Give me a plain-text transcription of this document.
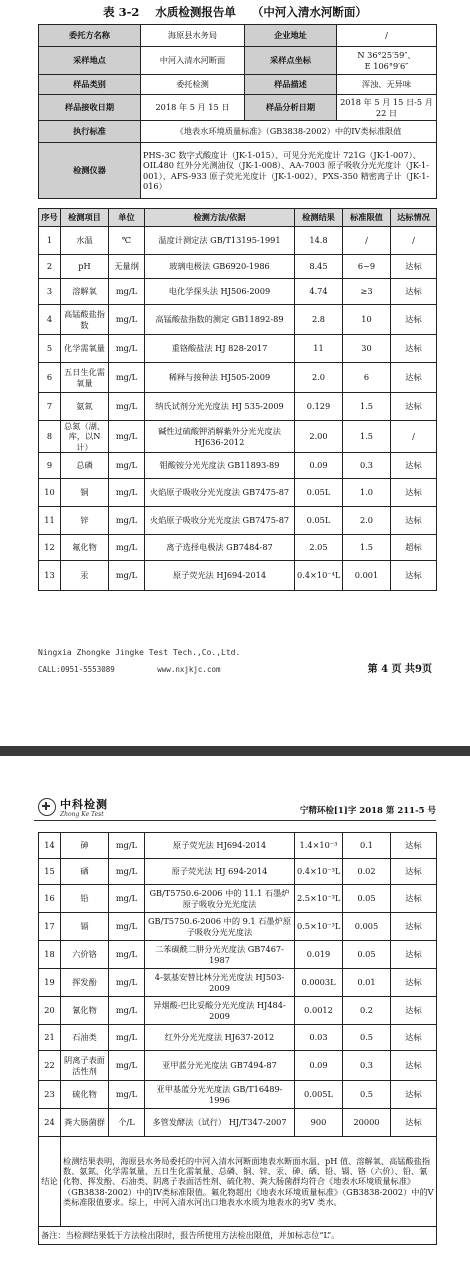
表 3-2 水质检测报告单 （中河入清水河断面）
委托方名称	海原县水务局	企业地址	/
采样地点	中河入清水河断面	采样点坐标	N 36°25′59″、
E 106°9′6″

样品类别	委托检测	样品描述	浑浊、无异味
样品接收日期	2018 年 5 月 15 日	样品分析日期	2018 年 5 月 15 日-5 月 22 日
执行标准	《地表水环境质量标准》（GB3838-2002）中的IV类标准限值		
检测仪器	PHS-3C 数字式酸度计（JK-1-015）、可见分光光度计 721G（JK-1-007）、OIL480 红外分光测油仪（JK-1-008）、AA-7003 原子吸收分光光度计（JK-1-001）、AFS-933 原子荧光光度计（JK-1-002）、PXS-350 精密离子计（JK-1-016）		
序号	检测项目	单位	检测方法/依据	检测结果	标准限值	达标情况
1	水温	℃	温度计测定法 GB/T13195-1991	14.8	/	/
2	pH	无量纲	玻璃电极法 GB6920-1986	8.45	6~9	达标
3	溶解氧	mg/L	电化学探头法 HJ506-2009	4.74	≥3	达标
4	高锰酸盐指数	mg/L	高锰酸盐指数的测定 GB11892-89	2.8	10	达标
5	化学需氧量	mg/L	重铬酸盐法 HJ 828-2017	11	30	达标
6	五日生化需氧量	mg/L	稀释与接种法 HJ505-2009	2.0	6	达标
7	氨氮	mg/L	纳氏试剂分光光度法 HJ 535-2009	0.129	1.5	达标
8	总氮（湖、库，以N计）	mg/L	碱性过硫酸钾消解紫外分光光度法 HJ636-2012	2.00	1.5	/
9	总磷	mg/L	钼酸铵分光光度法 GB11893-89	0.09	0.3	达标
10	铜	mg/L	火焰原子吸收分光光度法 GB7475-87	0.05L	1.0	达标
11	锌	mg/L	火焰原子吸收分光光度法 GB7475-87	0.05L	2.0	达标
12	氟化物	mg/L	离子选择电极法 GB7484-87	2.05	1.5	超标
13	汞	mg/L	原子荧光法 HJ694-2014	0.4×10⁻⁴L	0.001	达标
Ningxia Zhongke Jingke Test Tech.,Co.,Ltd.
CALL:0951-5553089	www.nxjkjc.com	第 4 页 共9页
中科检测
Zhong Ke Test	宁精环检[1]字 2018 第 211-5 号
14	砷	mg/L	原子荧光法 HJ694-2014	1.4×10⁻³	0.1	达标
15	硒	mg/L	原子荧光法 HJ 694-2014	0.4×10⁻³L	0.02	达标
16	铅	mg/L	GB/T5750.6-2006 中的 11.1 石墨炉原子吸收分光光度法	2.5×10⁻³L	0.05	达标
17	镉	mg/L	GB/T5750.6-2006 中的 9.1 石墨炉原子吸收分光光度法	0.5×10⁻³L	0.005	达标
18	六价铬	mg/L	二苯碳酰二肼分光光度法 GB7467-1987	0.019	0.05	达标
19	挥发酚	mg/L	4-氨基安替比林分光光度法 HJ503-2009	0.0003L	0.01	达标
20	氰化物	mg/L	异烟酸-巴比妥酸分光光度法 HJ484-2009	0.0012	0.2	达标
21	石油类	mg/L	红外分光光度法 HJ637-2012	0.03	0.5	达标
22	阴离子表面活性剂	mg/L	亚甲蓝分光光度法 GB7494-87	0.09	0.3	达标
23	硫化物	mg/L	亚甲基蓝分光光度法 GB/T16489-1996	0.005L	0.5	达标
24	粪大肠菌群	个/L	多管发酵法（试行） HJ/T347-2007	900	20000	达标
结论	检测结果表明，海原县水务局委托的中河入清水河断面地表水断面水温、pH 值、溶解氧、高锰酸盐指数、氨氮、化学需氧量、五日生化需氧量、总磷、铜、锌、汞、砷、硒、铅、镉、铬（六价）、铅、氰化物、挥发酚、石油类、阴离子表面活性剂、硫化物、粪大肠菌群均符合《地表水环境质量标准》（GB3838-2002）中的IV类标准限值。氟化物超出《地表水环境质量标准》（GB3838-2002）中的V 类标准限值要求。综上，中河入清水河出口地表水水质为地表水的劣V 类水。					
备注：当检测结果低于方法检出限时，报告所使用方法检出限值，并加标志位“L”。						
